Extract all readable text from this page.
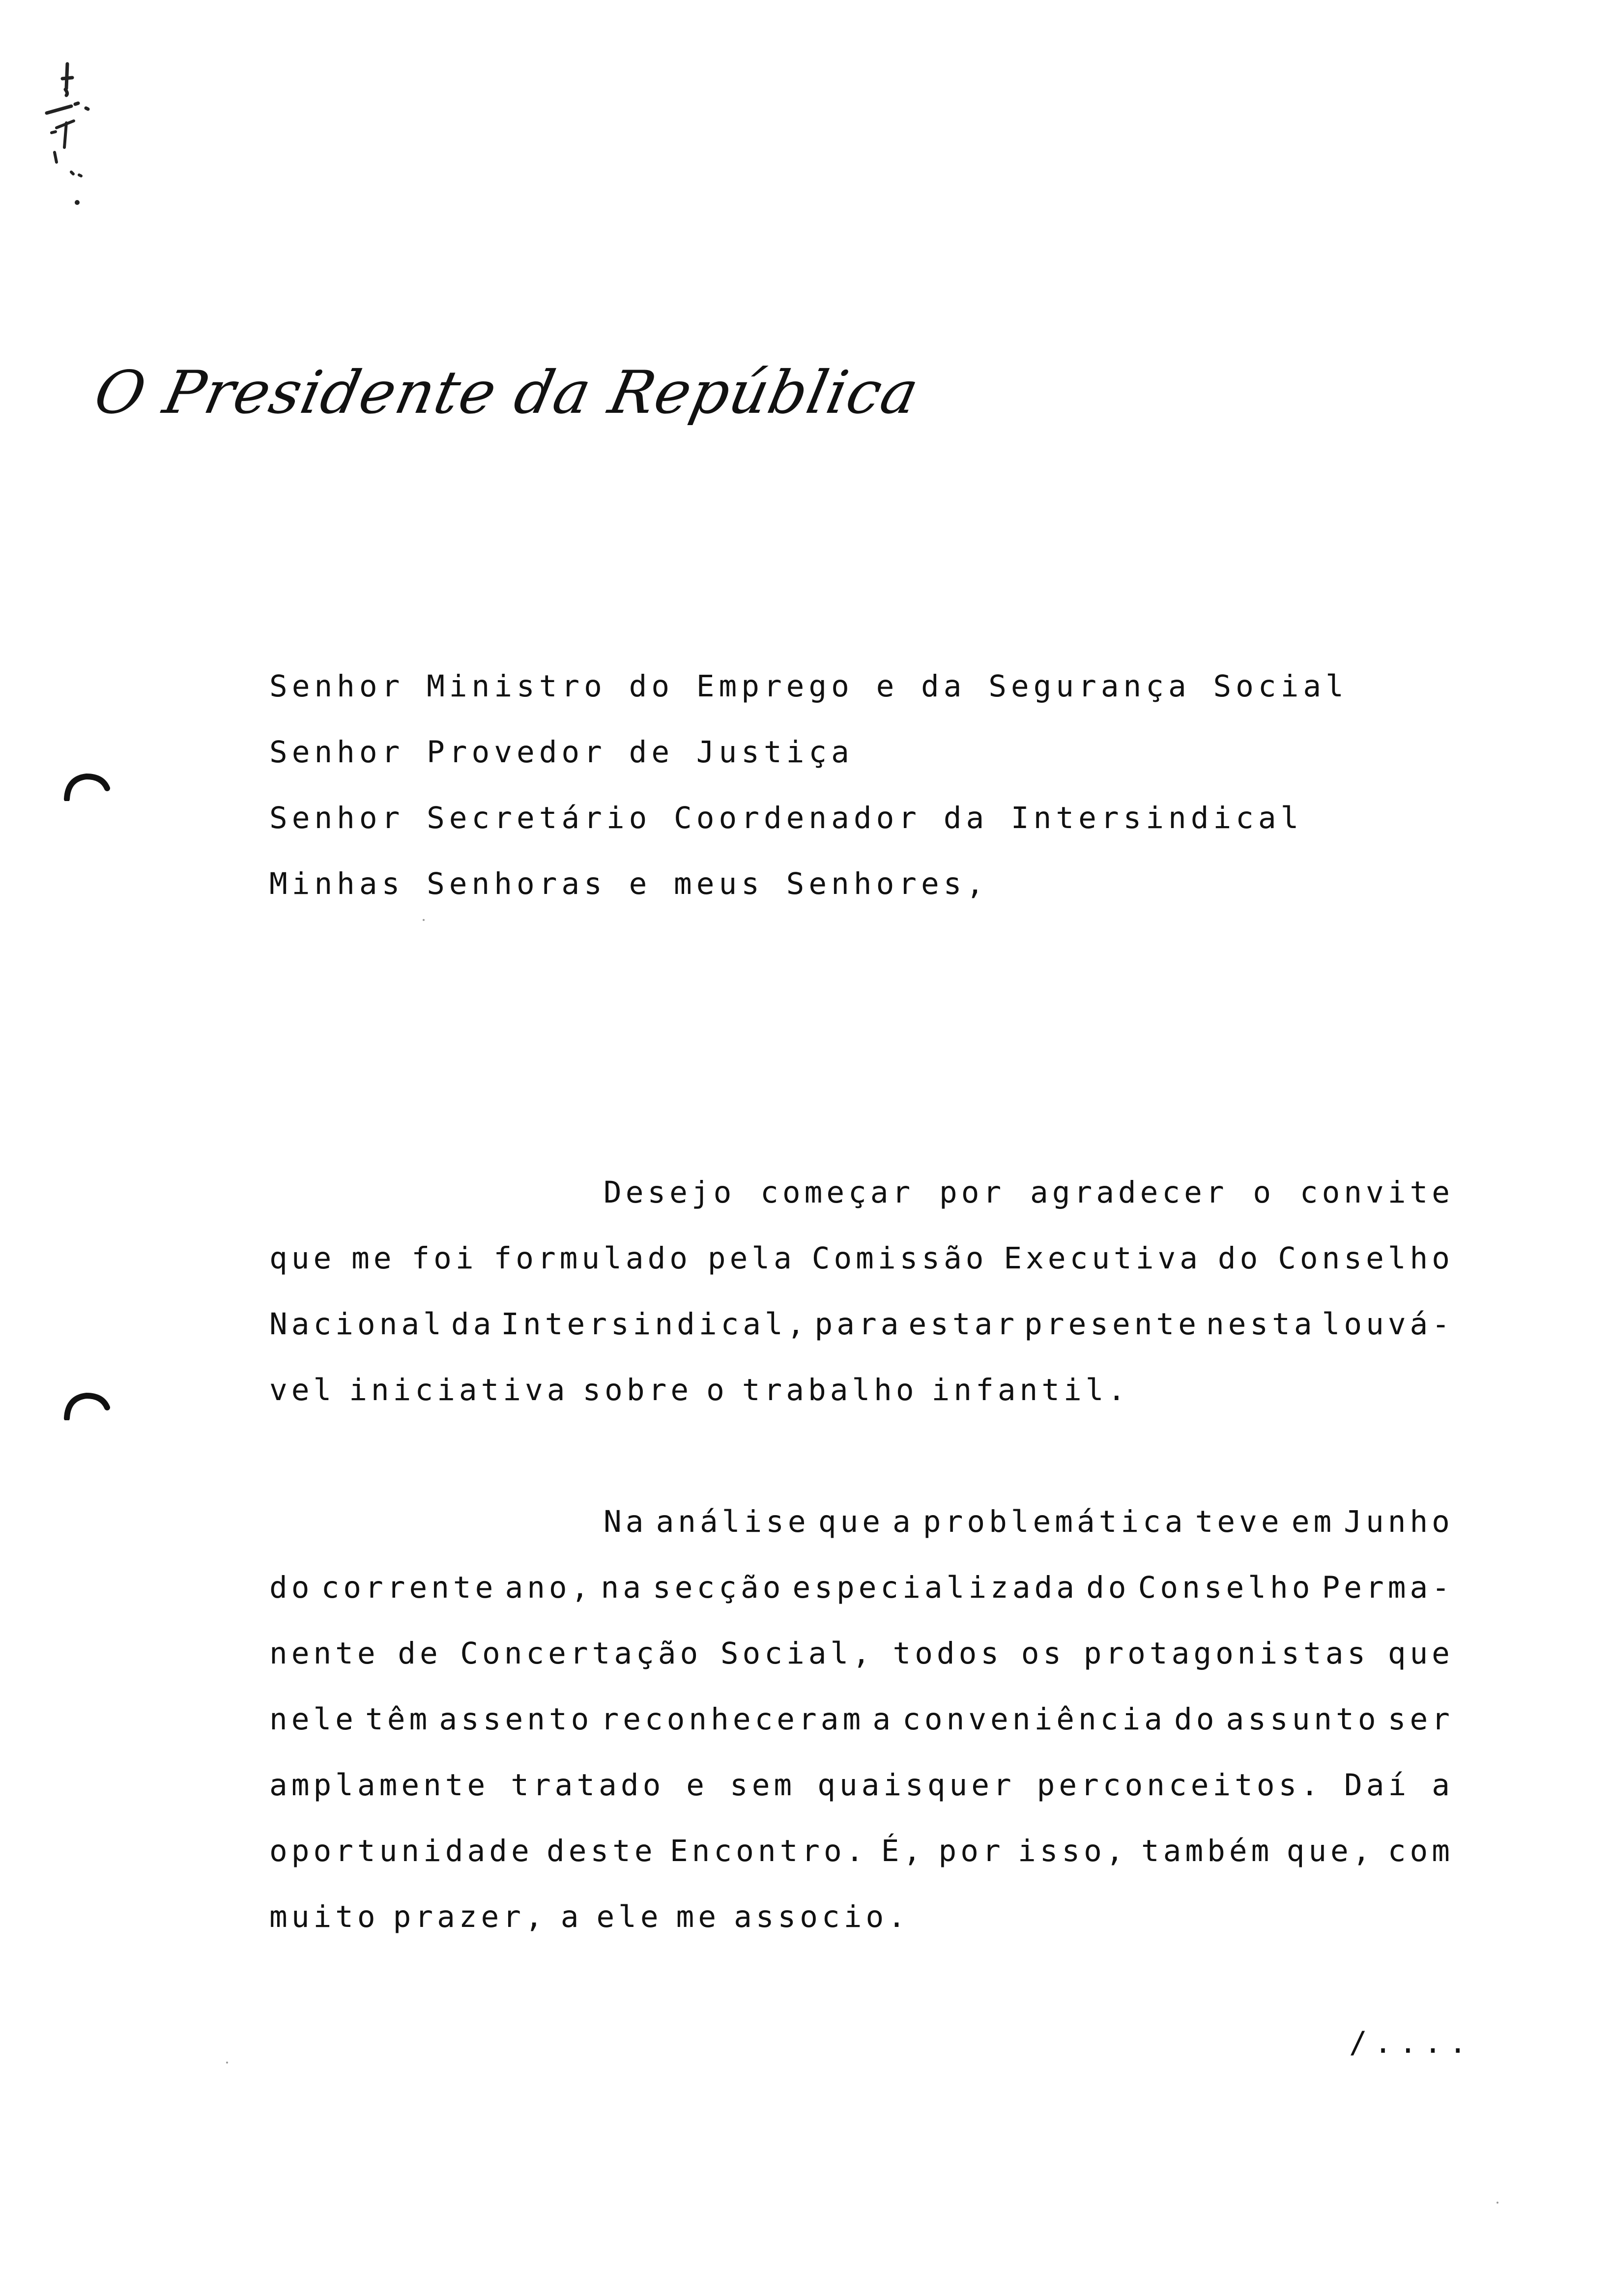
O Presidente da República
Senhor Ministro do Emprego e da Segurança Social
Senhor Provedor de Justiça
Senhor Secretário Coordenador da Intersindical
Minhas Senhoras e meus Senhores,
Desejo começar por agradecer o convite
que me foi formulado pela Comissão Executiva do Conselho
Nacional da Intersindical, para estar presente nesta louvá-
vel iniciativa sobre o trabalho infantil.
Na análise que a problemática teve em Junho
do corrente ano, na secção especializada do Conselho Perma-
nente de Concertação Social, todos os protagonistas que
nele têm assento reconheceram a conveniência do assunto ser
amplamente tratado e sem quaisquer perconceitos. Daí a
oportunidade deste Encontro. É, por isso, também que, com
muito prazer, a ele me associo.
/....
